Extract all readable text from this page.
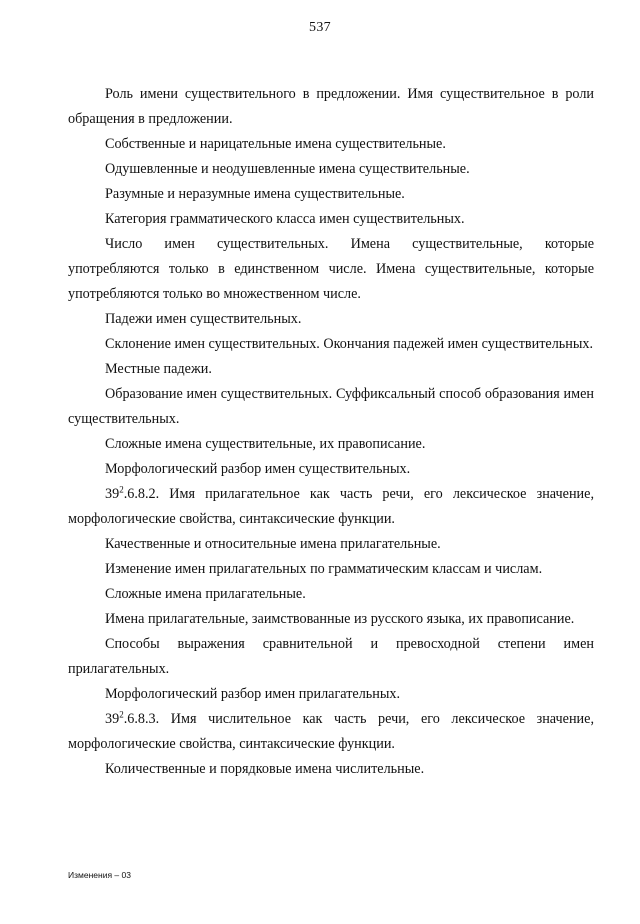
537

Роль имени существительного в предложении. Имя существительное в роли обращения в предложении.

Собственные и нарицательные имена существительные.

Одушевленные и неодушевленные имена существительные.

Разумные и неразумные имена существительные.

Категория грамматического класса имен существительных.

Число имен существительных. Имена существительные, которые употребляются только в единственном числе. Имена существительные, которые употребляются только во множественном числе.

Падежи имен существительных.

Склонение имен существительных. Окончания падежей имен существительных.

Местные падежи.

Образование имен существительных. Суффиксальный способ образования имен существительных.

Сложные имена существительные, их правописание.

Морфологический разбор имен существительных.

$39^2.6.8.2$. Имя прилагательное как часть речи, его лексическое значение, морфологические свойства, синтаксические функции.

Качественные и относительные имена прилагательные.

Изменение имен прилагательных по грамматическим классам и числам.

Сложные имена прилагательные.

Имена прилагательные, заимствованные из русского языка, их правописание.

Способы выражения сравнительной и превосходной степени имен прилагательных.

Морфологический разбор имен прилагательных.

$39^2.6.8.3$. Имя числительное как часть речи, его лексическое значение, морфологические свойства, синтаксические функции.

Количественные и порядковые имена числительные.

Изменения – 03
